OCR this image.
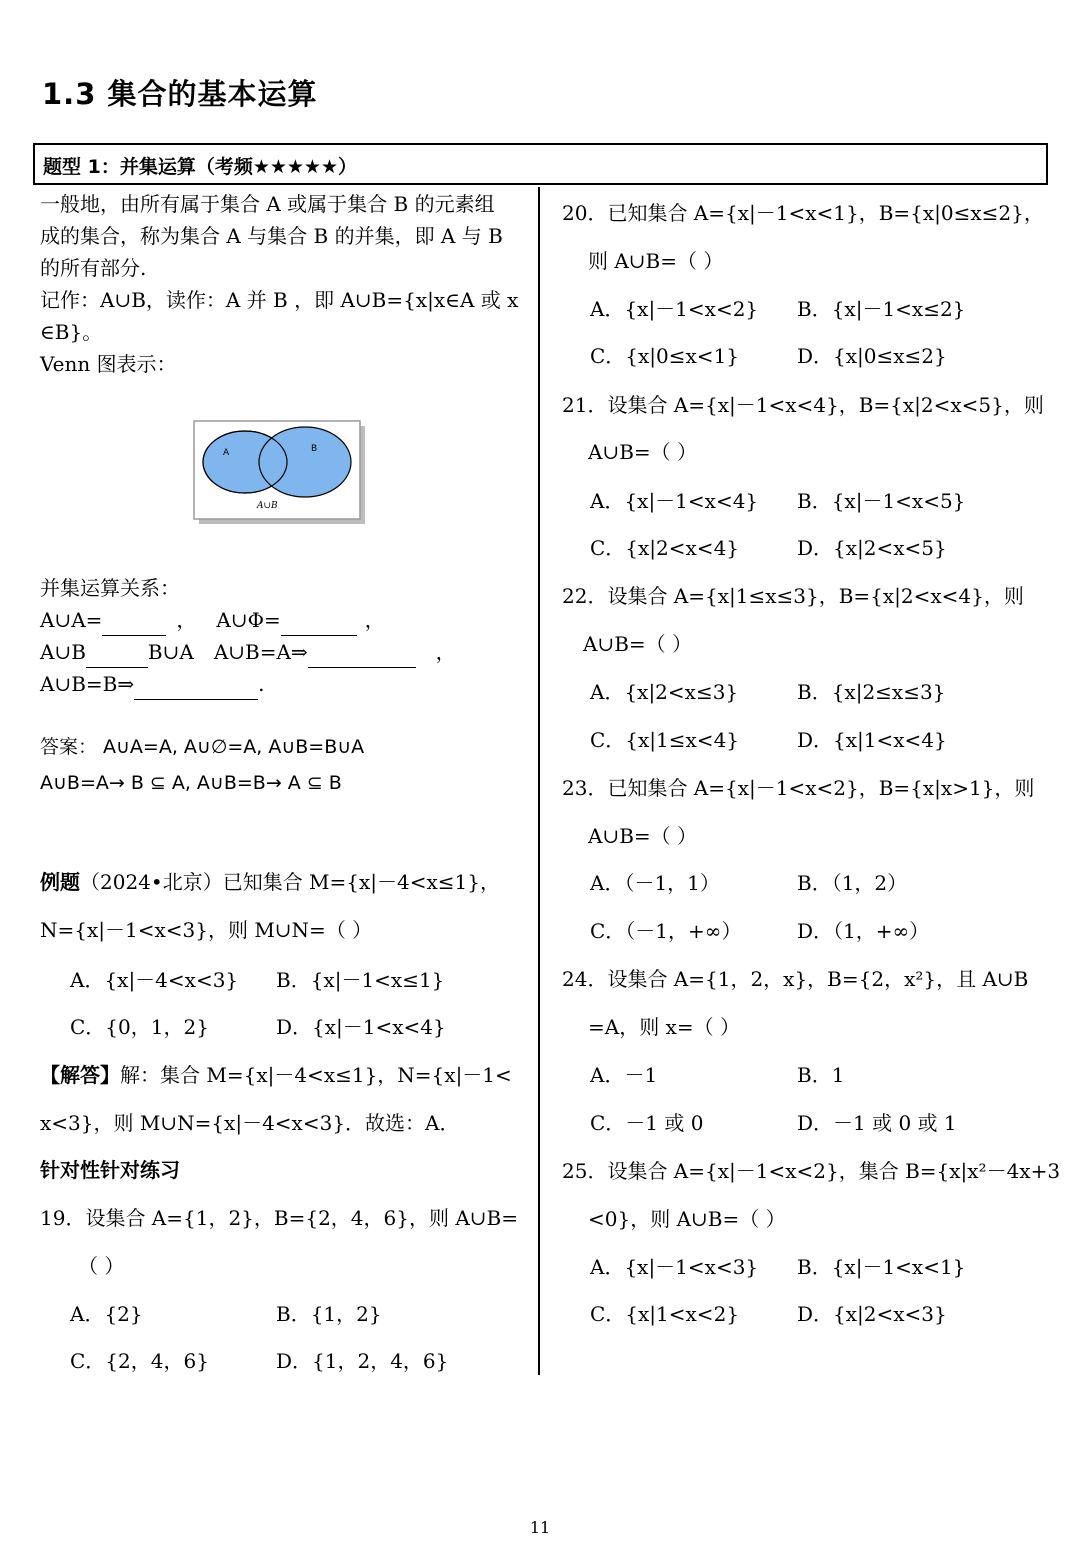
1.3 集合的基本运算
题型 1：并集运算（考频★★★★★）

一般地，由所有属于集合 A 或属于集合 B 的元素组

成的集合，称为集合 A 与集合 B 的并集，即 A 与 B

的所有部分.

记作：A∪B，读作：A 并 B ，即 A∪B={x|x∈A 或 x

∈B}。

Venn 图表示：

A	B
A∪B

并集运算关系：

A∪A=	， A∪Φ=	，

A∪B	B∪A A∪B=A⇒	，

A∪B=B⇒	.

答案： A∪A=A, A∪∅=A, A∪B=B∪A
A∪B=A→ B ⊆ A, A∪B=B→ A ⊆ B
例题（2024•北京）已知集合 M={x|－4<x≤1}，
N={x|－1<x<3}，则 M∪N=（ ）
A．{x|－4<x<3} B．{x|－1<x≤1}
C．{0，1，2}	D．{x|－1<x<4}
【解答】解：集合 M={x|－4<x≤1}，N={x|－1<
x<3}，则 M∪N={x|－4<x<3}．故选：A．
针对性针对练习
19．设集合 A={1，2}，B={2，4，6}，则 A∪B=
（ ）
A．{2}	B．{1，2}
C．{2，4，6}	D．{1，2，4，6}
20．已知集合 A={x|－1<x<1}，B={x|0≤x≤2}，
则 A∪B=（ ）
A．{x|－1<x<2} B．{x|－1<x≤2}
C．{x|0≤x<1}	D．{x|0≤x≤2}
21．设集合 A={x|－1<x<4}，B={x|2<x<5}，则
A∪B=（ ）
A．{x|－1<x<4} B．{x|－1<x<5}
C．{x|2<x<4}	D．{x|2<x<5}
22．设集合 A={x|1≤x≤3}，B={x|2<x<4}，则
A∪B=（ ）
A．{x|2<x≤3}	B．{x|2≤x≤3}
C．{x|1≤x<4}	D．{x|1<x<4}
23．已知集合 A={x|－1<x<2}，B={x|x>1}，则
A∪B=（ ）
A．（－1，1）	B．（1，2）
C．（－1，+∞）	D．（1，+∞）
24．设集合 A={1，2，x}，B={2，x²}，且 A∪B
=A，则 x=（ ）
A．－1	B．1
C．－1 或 0	D．－1 或 0 或 1
25．设集合 A={x|－1<x<2}，集合 B={x|x²－4x+3
<0}，则 A∪B=（ ）
A．{x|－1<x<3} B．{x|－1<x<1}
C．{x|1<x<2}	D．{x|2<x<3}
11
